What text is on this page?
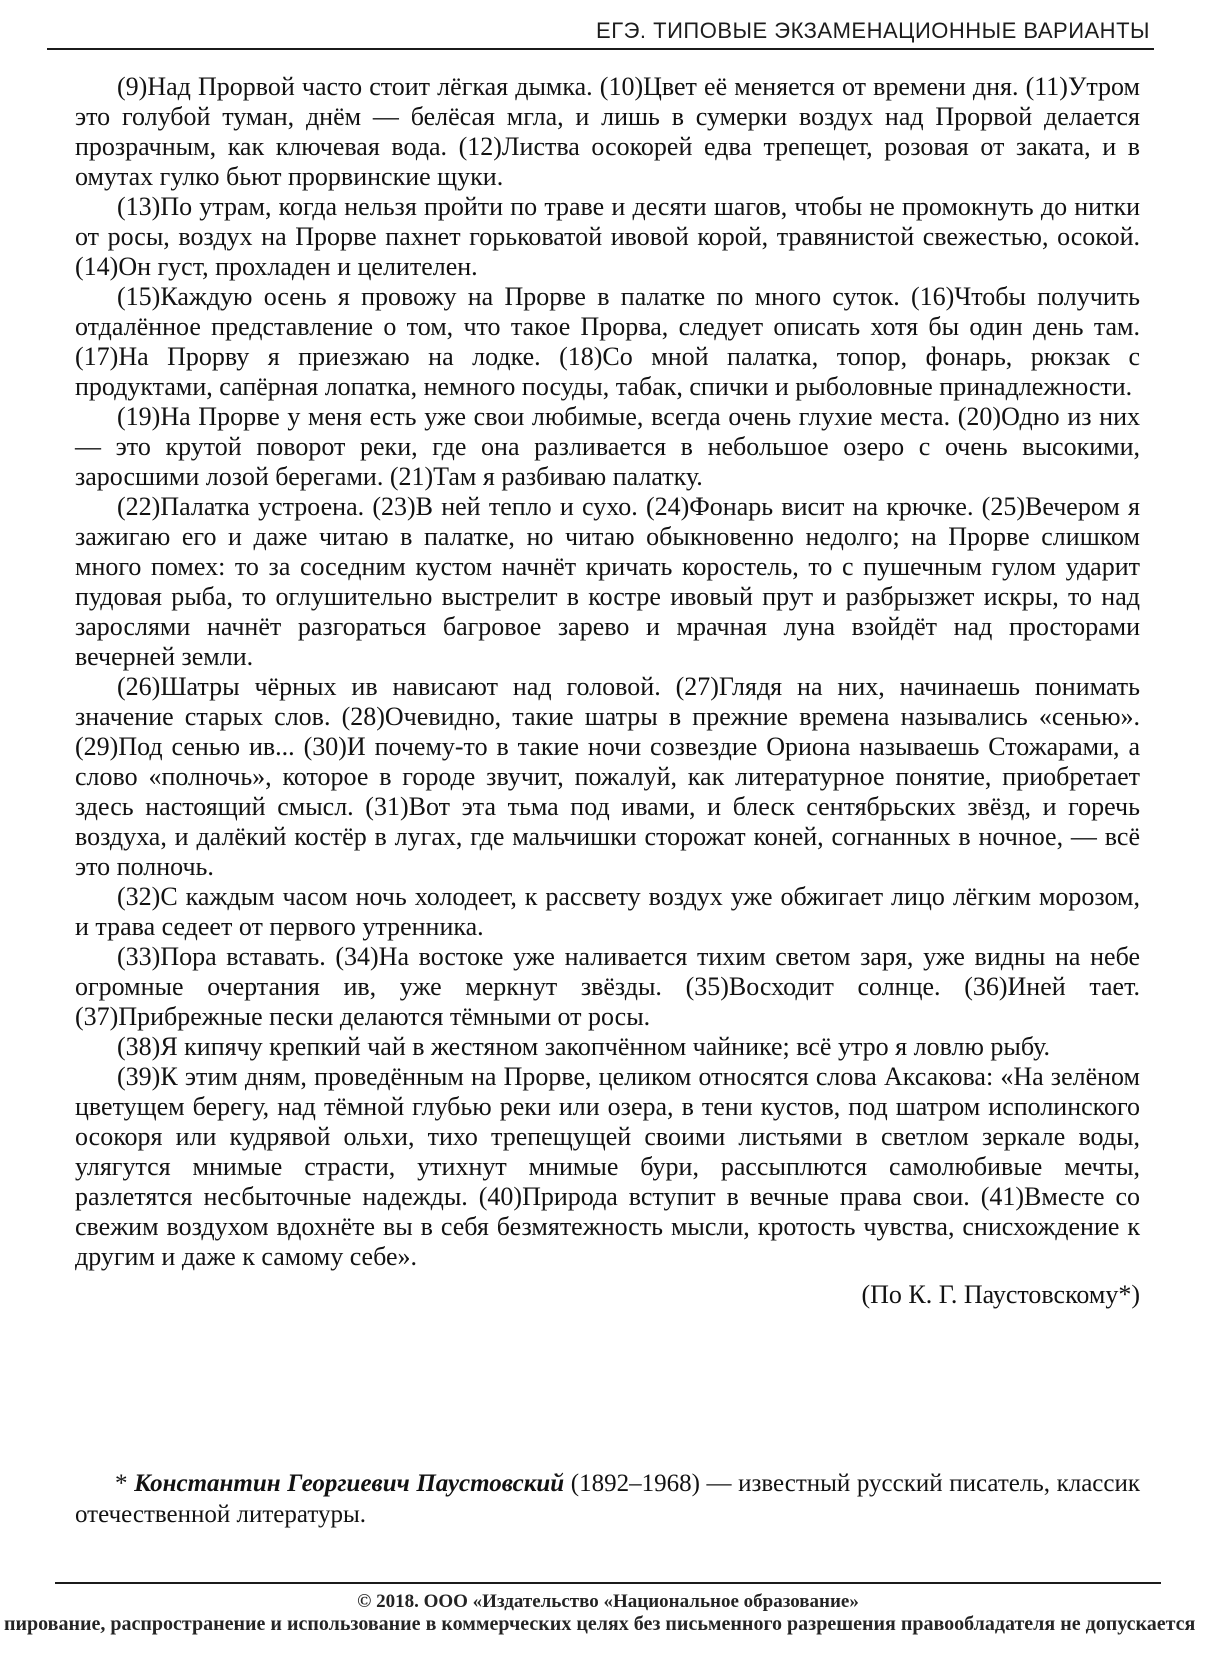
ЕГЭ. ТИПОВЫЕ ЭКЗАМЕНАЦИОННЫЕ ВАРИАНТЫ

(9)Над Прорвой часто стоит лёгкая дымка. (10)Цвет её меняется от времени дня. (11)Утром это голубой туман, днём — белёсая мгла, и лишь в сумерки воздух над Прорвой делается прозрачным, как ключевая вода. (12)Листва осокорей едва трепещет, розовая от заката, и в омутах гулко бьют прорвинские щуки.

(13)По утрам, когда нельзя пройти по траве и десяти шагов, чтобы не промокнуть до нитки от росы, воздух на Прорве пахнет горьковатой ивовой корой, травянистой свежестью, осокой. (14)Он густ, прохладен и целителен.

(15)Каждую осень я провожу на Прорве в палатке по много суток. (16)Чтобы получить отдалённое представление о том, что такое Прорва, следует описать хотя бы один день там. (17)На Прорву я приезжаю на лодке. (18)Со мной палатка, топор, фонарь, рюкзак с продуктами, сапёрная лопатка, немного посуды, табак, спички и рыболовные принадлежности.

(19)На Прорве у меня есть уже свои любимые, всегда очень глухие места. (20)Одно из них — это крутой поворот реки, где она разливается в небольшое озеро с очень высокими, заросшими лозой берегами. (21)Там я разбиваю палатку.

(22)Палатка устроена. (23)В ней тепло и сухо. (24)Фонарь висит на крючке. (25)Вечером я зажигаю его и даже читаю в палатке, но читаю обыкновенно недолго; на Прорве слишком много помех: то за соседним кустом начнёт кричать коростель, то с пушечным гулом ударит пудовая рыба, то оглушительно выстрелит в костре ивовый прут и разбрызжет искры, то над зарослями начнёт разгораться багровое зарево и мрачная луна взойдёт над просторами вечерней земли.

(26)Шатры чёрных ив нависают над головой. (27)Глядя на них, начинаешь понимать значение старых слов. (28)Очевидно, такие шатры в прежние времена назывались «сенью». (29)Под сенью ив... (30)И почему-то в такие ночи созвездие Ориона называешь Стожарами, а слово «полночь», которое в городе звучит, пожалуй, как литературное понятие, приобретает здесь настоящий смысл. (31)Вот эта тьма под ивами, и блеск сентябрьских звёзд, и горечь воздуха, и далёкий костёр в лугах, где мальчишки сторожат коней, согнанных в ночное, — всё это полночь.

(32)С каждым часом ночь холодеет, к рассвету воздух уже обжигает лицо лёгким морозом, и трава седеет от первого утренника.

(33)Пора вставать. (34)На востоке уже наливается тихим светом заря, уже видны на небе огромные очертания ив, уже меркнут звёзды. (35)Восходит солнце. (36)Иней тает. (37)Прибрежные пески делаются тёмными от росы.

(38)Я кипячу крепкий чай в жестяном закопчённом чайнике; всё утро я ловлю рыбу.

(39)К этим дням, проведённым на Прорве, целиком относятся слова Аксакова: «На зелёном цветущем берегу, над тёмной глубью реки или озера, в тени кустов, под шатром исполинского осокоря или кудрявой ольхи, тихо трепещущей своими листьями в светлом зеркале воды, улягутся мнимые страсти, утихнут мнимые бури, рассыплются самолюбивые мечты, разлетятся несбыточные надежды. (40)Природа вступит в вечные права свои. (41)Вместе со свежим воздухом вдохнёте вы в себя безмятежность мысли, кротость чувства, снисхождение к другим и даже к самому себе».

(По К. Г. Паустовскому*)

* Константин Георгиевич Паустовский (1892–1968) — известный русский писатель, классик отечественной литературы.
© 2018. ООО «Издательство «Национальное образование»
пирование, распространение и использование в коммерческих целях без письменного разрешения правообладателя не допускается
